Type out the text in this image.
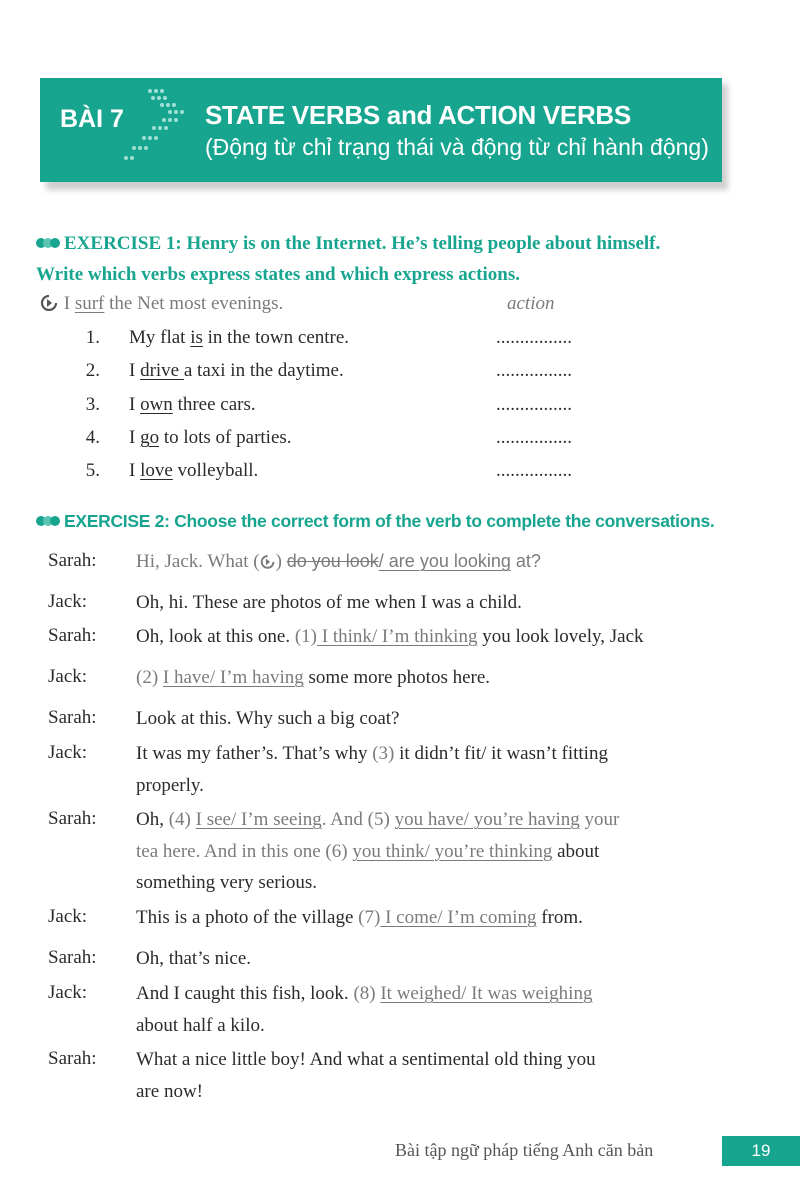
BÀI 7	STATE VERBS and ACTION VERBS
(Động từ chỉ trạng thái và động từ chỉ hành động)
EXERCISE 1: Henry is on the Internet. He’s telling people about himself.
Write which verbs express states and which express actions.
I surf the Net most evenings.	action
1. My flat is in the town centre.	................
2. I drive a taxi in the daytime.	................
3. I own three cars.	................
4. I go to lots of parties.	................
5. I love volleyball.	................
EXERCISE 2: Choose the correct form of the verb to complete the conversations.
Sarah: Hi, Jack. What ( ) do you look/ are you looking at?
Jack:	Oh, hi. These are photos of me when I was a child.
Sarah: Oh, look at this one. (1) I think/ I’m thinking you look lovely, Jack
Jack:	(2) I have/ I’m having some more photos here.
Sarah: Look at this. Why such a big coat?
Jack:	It was my father’s. That’s why (3) it didn’t fit/ it wasn’t fitting
properly.
Sarah: Oh, (4) I see/ I’m seeing. And (5) you have/ you’re having your
tea here. And in this one (6) you think/ you’re thinking about
something very serious.
Jack:	This is a photo of the village (7) I come/ I’m coming from.
Sarah: Oh, that’s nice.
Jack:	And I caught this fish, look. (8) It weighed/ It was weighing
about half a kilo.
Sarah: What a nice little boy! And what a sentimental old thing you
are now!
Bài tập ngữ pháp tiếng Anh căn bản	19
